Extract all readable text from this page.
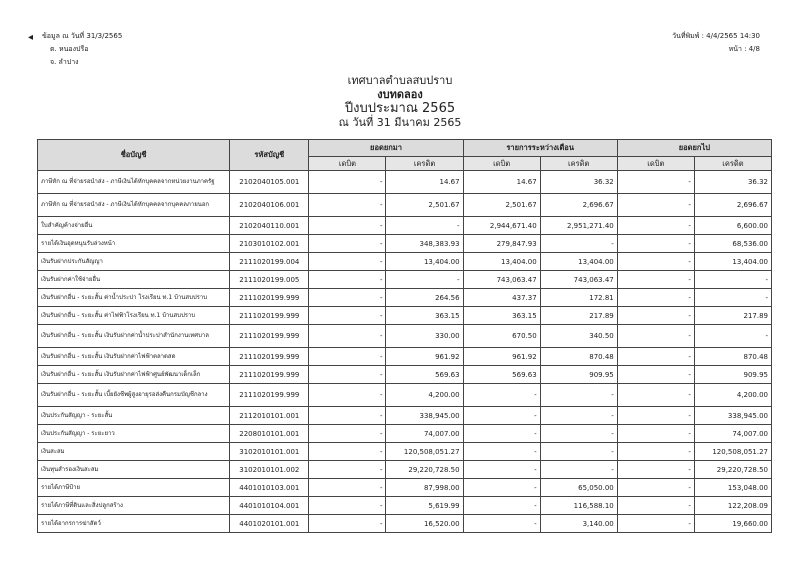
◂	ข้อมูล ณ วันที่ 31/3/2565
ต. หนองปรือ
จ. ลำปาง
วันที่พิมพ์ : 4/4/2565 14:30
หน้า : 4/8
เทศบาลตำบลสบปราบ
งบทดลอง
ปีงบประมาณ 2565
ณ วันที่ 31 มีนาคม 2565
ชื่อบัญชี	รหัสบัญชี	ยอดยกมา		รายการระหว่างเดือน		ยอดยกไป	
		เดบิต	เครดิต	เดบิต	เครดิต	เดบิต	เครดิต
ภาษีหัก ณ ที่จ่ายรอนำส่ง - ภาษีเงินได้หักบุคคลจากหน่วยงานภาครัฐ	2102040105.001	-	14.67	14.67	36.32	-	36.32
ภาษีหัก ณ ที่จ่ายรอนำส่ง - ภาษีเงินได้หักบุคคลจากบุคคลภายนอก	2102040106.001	-	2,501.67	2,501.67	2,696.67	-	2,696.67
ใบสำคัญค้างจ่ายอื่น	2102040110.001	-	-	2,944,671.40	2,951,271.40	-	6,600.00
รายได้เงินอุดหนุนรับล่วงหน้า	2103010102.001	-	348,383.93	279,847.93	-	-	68,536.00
เงินรับฝากประกันสัญญา	2111020199.004	-	13,404.00	13,404.00	13,404.00	-	13,404.00
เงินรับฝากค่าใช้จ่ายอื่น	2111020199.005	-	-	743,063.47	743,063.47	-	-
เงินรับฝากอื่น - ระยะสั้น ค่าน้ำประปา โรงเรียน ท.1 บ้านสบปราบ	2111020199.999	-	264.56	437.37	172.81	-	-
เงินรับฝากอื่น - ระยะสั้น ค่าไฟฟ้าโรงเรียน ท.1 บ้านสบปราบ	2111020199.999	-	363.15	363.15	217.89	-	217.89
เงินรับฝากอื่น - ระยะสั้น เงินรับฝากค่าน้ำประปาสำนักงานเทศบาล	2111020199.999	-	330.00	670.50	340.50	-	-
เงินรับฝากอื่น - ระยะสั้น เงินรับฝากค่าไฟฟ้าตลาดสด	2111020199.999	-	961.92	961.92	870.48	-	870.48
เงินรับฝากอื่น - ระยะสั้น เงินรับฝากค่าไฟฟ้าศูนย์พัฒนาเด็กเล็ก	2111020199.999	-	569.63	569.63	909.95	-	909.95
เงินรับฝากอื่น - ระยะสั้น เบี้ยยังชีพผู้สูงอายุรอส่งคืนกรมบัญชีกลาง	2111020199.999	-	4,200.00	-	-	-	4,200.00
เงินประกันสัญญา - ระยะสั้น	2112010101.001	-	338,945.00	-	-	-	338,945.00
เงินประกันสัญญา - ระยะยาว	2208010101.001	-	74,007.00	-	-	-	74,007.00
เงินสะสม	3102010101.001	-	120,508,051.27	-	-	-	120,508,051.27
เงินทุนสำรองเงินสะสม	3102010101.002	-	29,220,728.50	-	-	-	29,220,728.50
รายได้ภาษีป้าย	4401010103.001	-	87,998.00	-	65,050.00	-	153,048.00
รายได้ภาษีที่ดินและสิ่งปลูกสร้าง	4401010104.001	-	5,619.99	-	116,588.10	-	122,208.09
รายได้อากรการฆ่าสัตว์	4401020101.001	-	16,520.00	-	3,140.00	-	19,660.00
